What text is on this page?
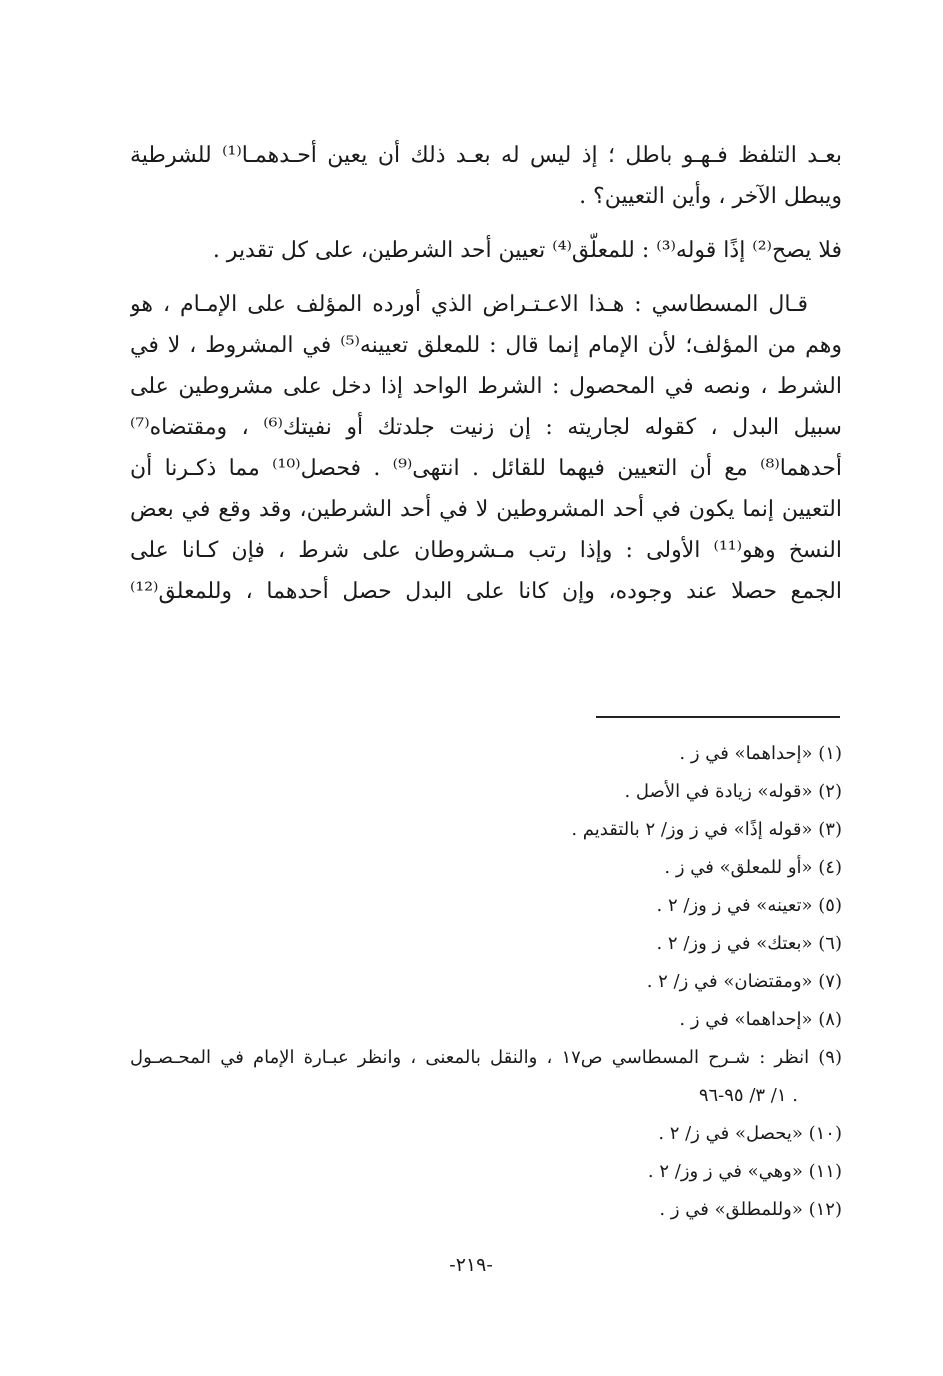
بعـد التلفظ فـهـو باطل ؛ إذ ليس له بعـد ذلك أن يعين أحـدهمـا⁽¹⁾ للشرطية
ويبطل الآخر ، وأين التعيين؟ .
فلا يصح⁽²⁾ إذًا قوله⁽³⁾ : للمعلّق⁽⁴⁾ تعيين أحد الشرطين، على كل تقدير .
قـال المسطاسي : هـذا الاعـتـراض الذي أورده المؤلف على الإمـام ، هو
وهم من المؤلف؛ لأن الإمام إنما قال : للمعلق تعيينه⁽⁵⁾ في المشروط ، لا في
الشرط ، ونصه في المحصول : الشرط الواحد إذا دخل على مشروطين على
سبيل البدل ، كقوله لجاريته : إن زنيت جلدتك أو نفيتك⁽⁶⁾ ، ومقتضاه⁽⁷⁾
أحدهما⁽⁸⁾ مع أن التعيين فيهما للقائل . انتهى⁽⁹⁾ . فحصل⁽¹⁰⁾ مما ذكـرنا أن
التعيين إنما يكون في أحد المشروطين لا في أحد الشرطين، وقد وقع في بعض
النسخ وهو⁽¹¹⁾ الأولى : وإذا رتب مـشروطان على شرط ، فإن كـانا على
الجمع حصلا عند وجوده، وإن كانا على البدل حصل أحدهما ، وللمعلق⁽¹²⁾
(١) «إحداهما» في ز .
(٢) «قوله» زيادة في الأصل .
(٣) «قوله إذًا» في ز وز/ ٢ بالتقديم .
(٤) «أو للمعلق» في ز .
(٥) «تعينه» في ز وز/ ٢ .
(٦) «بعتك» في ز وز/ ٢ .
(٧) «ومقتضان» في ز/ ٢ .
(٨) «إحداهما» في ز .
(٩) انظر : شـرح المسطاسي ص١٧ ، والنقل بالمعنى ، وانظر عبـارة الإمام في المحـصـول
١/ ٣/ ٩٥-٩٦ .
(١٠) «يحصل» في ز/ ٢ .
(١١) «وهي» في ز وز/ ٢ .
(١٢) «وللمطلق» في ز .
-٢١٩-
